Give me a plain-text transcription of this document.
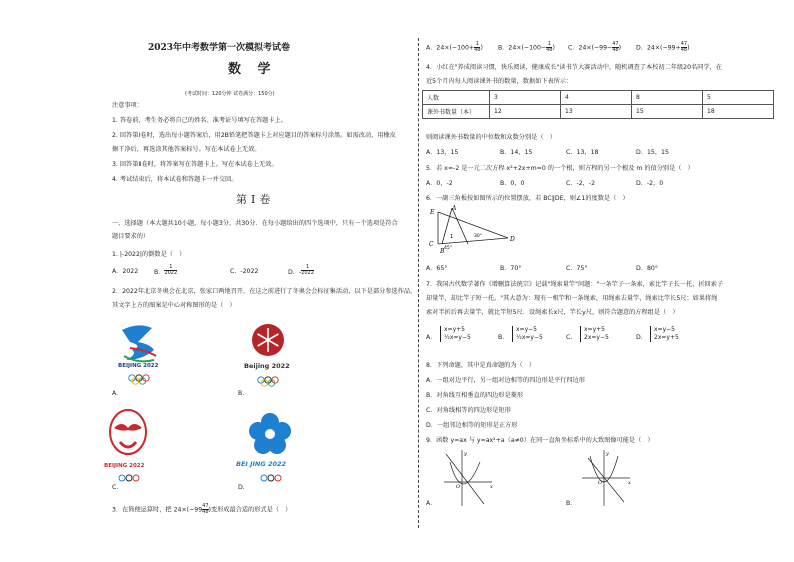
2023年中考数学第一次模拟考试卷
数 学
(考试时间：120分钟 试卷满分：150分)
注意事项：
1. 答卷前，考生务必将自己的姓名、准考证号填写在答题卡上。
2. 回答第Ⅰ卷时，选出每小题答案后，用2B铅笔把答题卡上对应题目的答案标号涂黑。如需改动，用橡皮
擦干净后，再选涂其他答案标号。写在本试卷上无效。
3. 回答第Ⅱ卷时，将答案写在答题卡上。写在本试卷上无效。
4. 考试结束后，将本试卷和答题卡一并交回。
第Ⅰ卷
一、选择题（本大题共10小题，每小题3分，共30分．在每小题给出的四个选项中，只有一个选项是符合
题目要求的）
1. |-2022|的倒数是（　）
A．2022	B． $\frac{1}{2022}$	C．-2022	D．- $\frac{1}{2022}$
2．2022年北京冬奥会在北京，张家口两地召开，在这之前进行了冬奥会会标征集活动，以下是部分参选作品，
其文字上方的图案是中心对称图形的是（　）
BEIJING 2022
A．
Beijing 2022
B．
BEIJING 2022
C．
BEI JING 2022
D．
3．在简便运算时，把 $24\times(-99 \frac{47}{48}$ )变形成最合适的形式是（　）
A．$24\times(-100+ \frac{1}{48}$ ) B．$24\times(-100- \frac{1}{48}$ ) C．$24\times(-99- \frac{47}{48}$ ) D．$24\times(-99+ \frac{47}{48}$ )
4．小红在"养成阅读习惯，快乐阅读，健康成长"读书节大赛活动中，随机调查了本校初二年级20名同学，在
近5个月内每人阅读课外书的数量，数据如下表所示：
人数	3	4	8	5
课外书数量（本）	12	13	15	18
则阅读课外书数量的中位数和众数分别是（　）
A．13，15	B．14，15	C．13，18	D．15，15
5．若 x=-2 是一元二次方程 x²+2x+m=0 的一个根，则方程的另一个根及 m 的值分别是（　）
A．0，-2	B．0，0	C．-2，-2	D．-2，0
6．一副三角板按如图所示的位置摆放，若 BC∥DE，则∠1的度数是（　）
E
A
B
C
D
1
45°
30°
A．65°	B．70°	C．75°	D．80°
7．我国古代数学著作《增删算法统宗》记载"绳索量竿"问题："一条竿子一条索，索比竿子长一托，折回索子
却量竿，却比竿子短一托。"其大意为：现有一根竿和一条绳索，用绳索去量竿，绳索比竿长5尺；如果将绳
索对半折后再去量竿，就比竿短5尺．设绳索长x尺，竿长y尺，则符合题意的方程组是（　）
A．
x=y+5
½x=y−5	B．
x=y−5
½x=y−5	C．
x=y+5
2x=y−5	D．
x=y−5
2x=y+5
8．下列命题，其中是真命题的为（　）
A．一组对边平行，另一组对边相等的四边形是平行四边形
B．对角线互相垂直的四边形是菱形
C．对角线相等的四边形是矩形
D．一组邻边相等的矩形是正方形
9．函数 y=ax 与 y=ax²+a（a≠0）在同一直角坐标系中的大致图像可能是（　）
y
x
O
A．
y
x
O
B．
